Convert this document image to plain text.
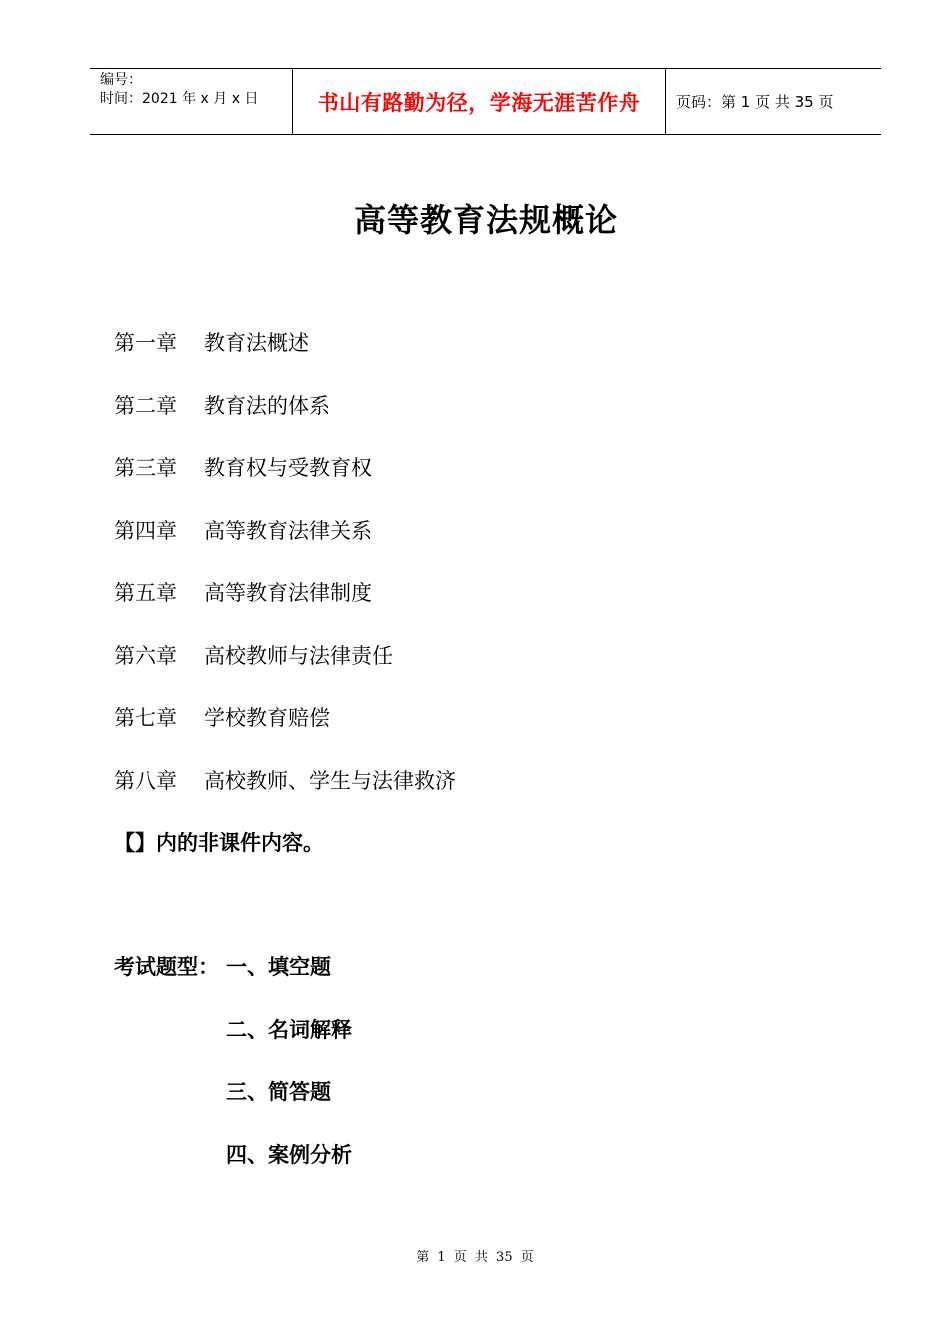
编号：
时间：2021 年 x 月 x 日	书山有路勤为径，学海无涯苦作舟	页码：第 1 页 共 35 页
高等教育法规概论
第一章	教育法概述
第二章	教育法的体系
第三章	教育权与受教育权
第四章	高等教育法律关系
第五章	高等教育法律制度
第六章	高校教师与法律责任
第七章	学校教育赔偿
第八章	高校教师、学生与法律救济
【】内的非课件内容。
考试题型： 一、填空题
二、名词解释
三、简答题
四、案例分析
第 1 页 共 35 页
